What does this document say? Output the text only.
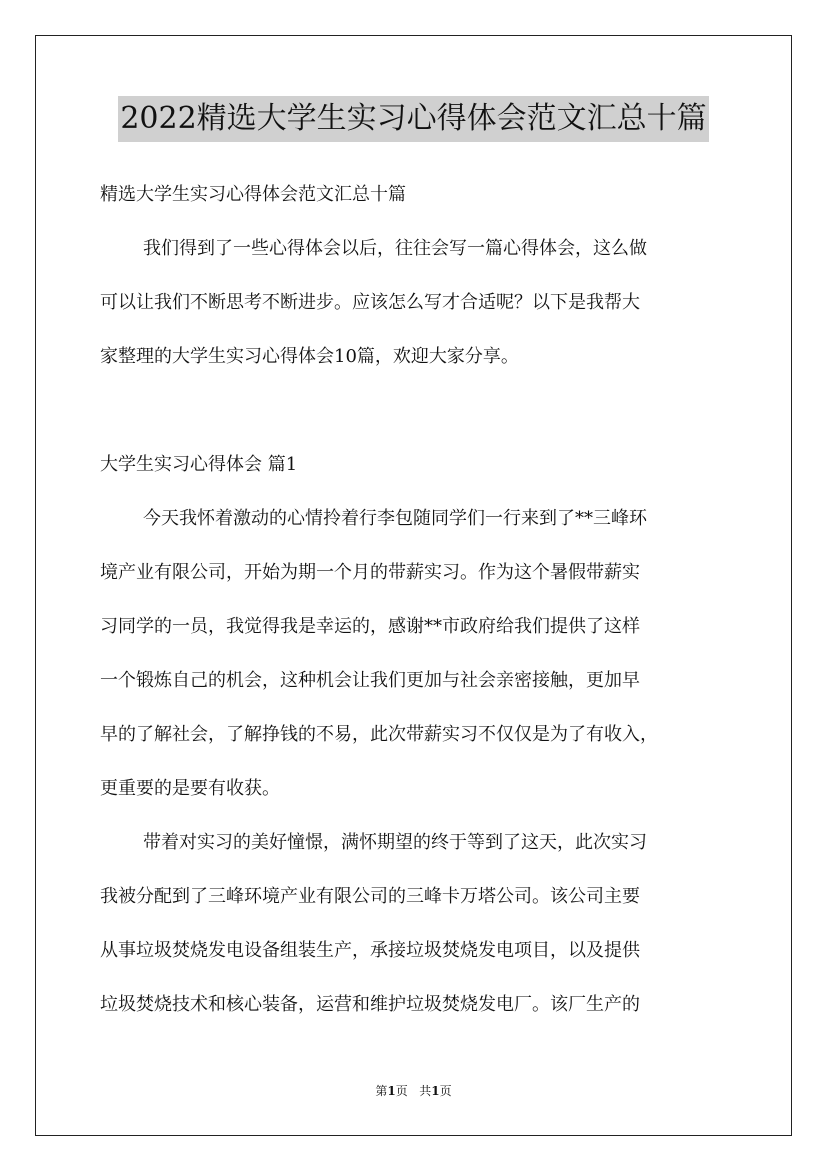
2022精选大学生实习心得体会范文汇总十篇

精选大学生实习心得体会范文汇总十篇

我们得到了一些心得体会以后，往往会写一篇心得体会，这么做

可以让我们不断思考不断进步。应该怎么写才合适呢？以下是我帮大

家整理的大学生实习心得体会10篇，欢迎大家分享。

大学生实习心得体会 篇1

今天我怀着激动的心情拎着行李包随同学们一行来到了**三峰环

境产业有限公司，开始为期一个月的带薪实习。作为这个暑假带薪实

习同学的一员，我觉得我是幸运的，感谢**市政府给我们提供了这样

一个锻炼自己的机会，这种机会让我们更加与社会亲密接触，更加早

早的了解社会，了解挣钱的不易，此次带薪实习不仅仅是为了有收入，

更重要的是要有收获。

带着对实习的美好憧憬，满怀期望的终于等到了这天，此次实习

我被分配到了三峰环境产业有限公司的三峰卡万塔公司。该公司主要

从事垃圾焚烧发电设备组装生产，承接垃圾焚烧发电项目，以及提供

垃圾焚烧技术和核心装备，运营和维护垃圾焚烧发电厂。该厂生产的

第1页 共1页
